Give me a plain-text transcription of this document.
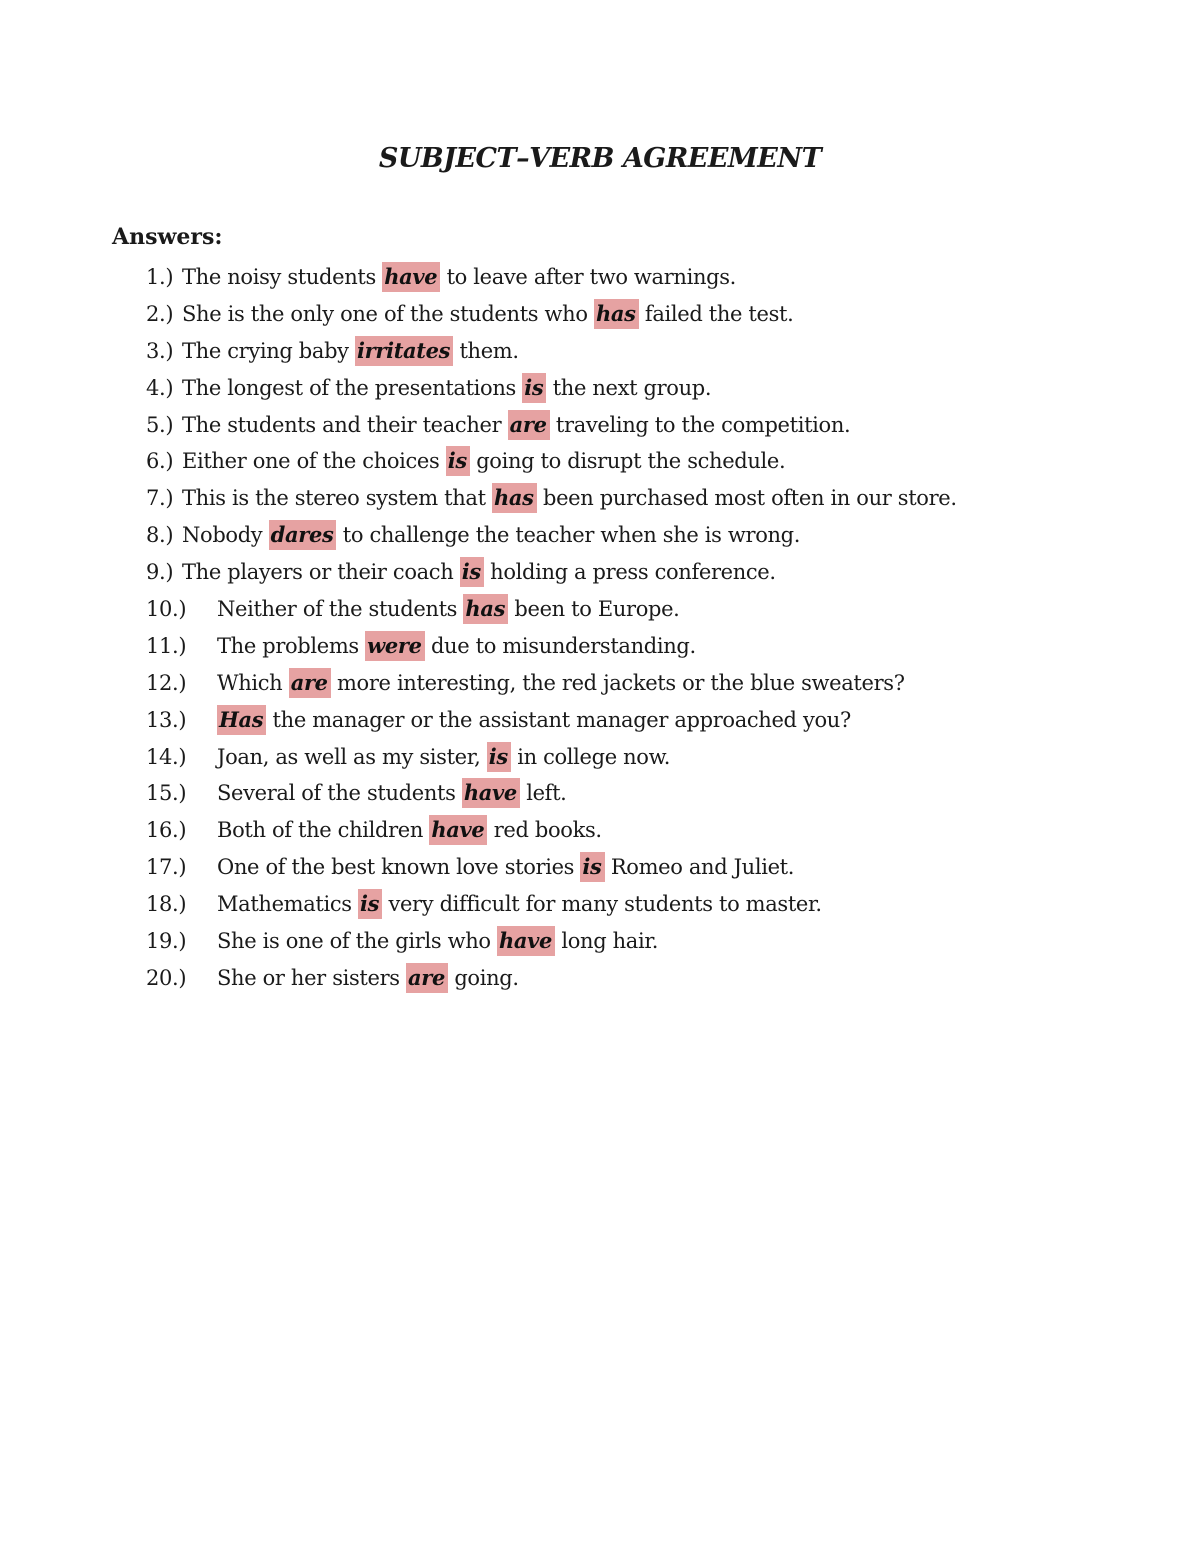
SUBJECT–VERB AGREEMENT
Answers:
1.) The noisy students have to leave after two warnings.
2.) She is the only one of the students who has failed the test.
3.) The crying baby irritates them.
4.) The longest of the presentations is the next group.
5.) The students and their teacher are traveling to the competition.
6.) Either one of the choices is going to disrupt the schedule.
7.) This is the stereo system that has been purchased most often in our store.
8.) Nobody dares to challenge the teacher when she is wrong.
9.) The players or their coach is holding a press conference.
10.) Neither of the students has been to Europe.
11.) The problems were due to misunderstanding.
12.) Which are more interesting, the red jackets or the blue sweaters?
13.) Has the manager or the assistant manager approached you?
14.) Joan, as well as my sister, is in college now.
15.) Several of the students have left.
16.) Both of the children have red books.
17.) One of the best known love stories is Romeo and Juliet.
18.) Mathematics is very difficult for many students to master.
19.) She is one of the girls who have long hair.
20.) She or her sisters are going.
